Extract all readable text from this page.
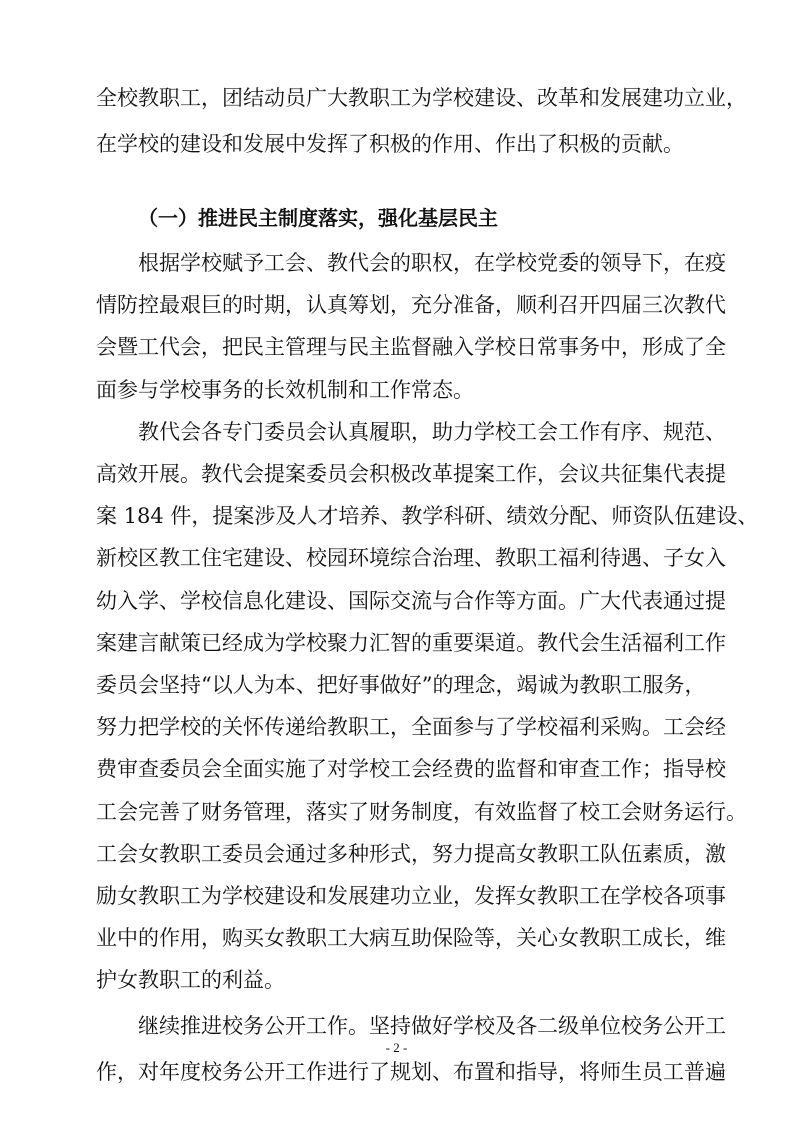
全校教职工，团结动员广大教职工为学校建设、改革和发展建功立业，
在学校的建设和发展中发挥了积极的作用、作出了积极的贡献。
（一）推进民主制度落实，强化基层民主
根据学校赋予工会、教代会的职权，在学校党委的领导下，在疫
情防控最艰巨的时期，认真筹划，充分准备，顺利召开四届三次教代
会暨工代会，把民主管理与民主监督融入学校日常事务中，形成了全
面参与学校事务的长效机制和工作常态。
教代会各专门委员会认真履职，助力学校工会工作有序、规范、
高效开展。教代会提案委员会积极改革提案工作，会议共征集代表提
案 184 件，提案涉及人才培养、教学科研、绩效分配、师资队伍建设、
新校区教工住宅建设、校园环境综合治理、教职工福利待遇、子女入
幼入学、学校信息化建设、国际交流与合作等方面。广大代表通过提
案建言献策已经成为学校聚力汇智的重要渠道。教代会生活福利工作
委员会坚持“以人为本、把好事做好”的理念，竭诚为教职工服务，
努力把学校的关怀传递给教职工，全面参与了学校福利采购。工会经
费审查委员会全面实施了对学校工会经费的监督和审查工作；指导校
工会完善了财务管理，落实了财务制度，有效监督了校工会财务运行。
工会女教职工委员会通过多种形式，努力提高女教职工队伍素质，激
励女教职工为学校建设和发展建功立业，发挥女教职工在学校各项事
业中的作用，购买女教职工大病互助保险等，关心女教职工成长，维
护女教职工的利益。
继续推进校务公开工作。坚持做好学校及各二级单位校务公开工
作，对年度校务公开工作进行了规划、布置和指导，将师生员工普遍
- 2 -
